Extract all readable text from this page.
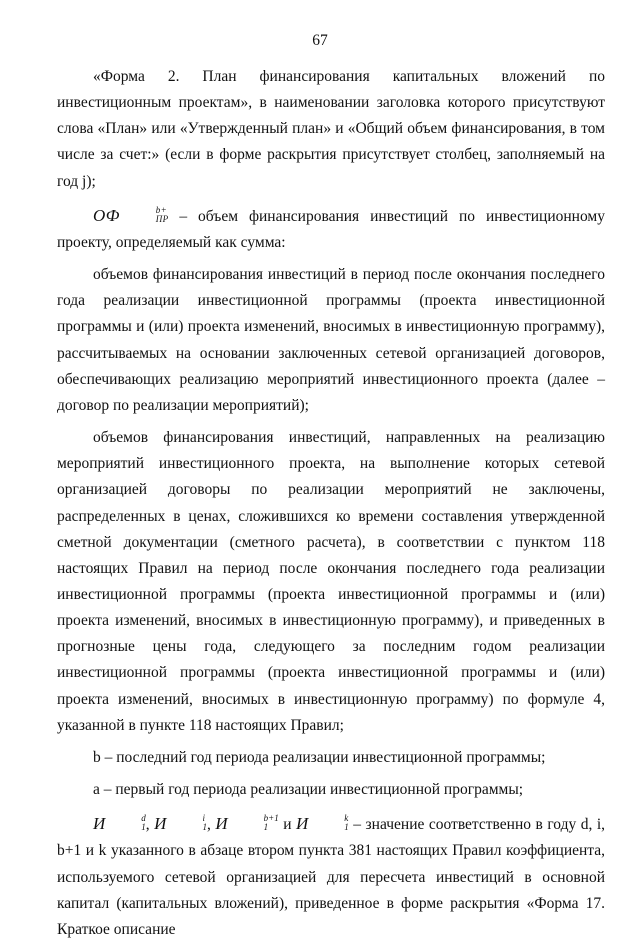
67

«Форма 2. План финансирования капитальных вложений по инвестиционным проектам», в наименовании заголовка которого присутствуют слова «План» или «Утвержденный план» и «Общий объем финансирования, в том числе за счет:» (если в форме раскрытия присутствует столбец, заполняемый на год j);

ОФ	b+
ПР – объем финансирования инвестиций по инвестиционному проекту, определяемый как сумма:

объемов финансирования инвестиций в период после окончания последнего года реализации инвестиционной программы (проекта инвестиционной программы и (или) проекта изменений, вносимых в инвестиционную программу), рассчитываемых на основании заключенных сетевой организацией договоров, обеспечивающих реализацию мероприятий инвестиционного проекта (далее – договор по реализации мероприятий);

объемов финансирования инвестиций, направленных на реализацию мероприятий инвестиционного проекта, на выполнение которых сетевой организацией договоры по реализации мероприятий не заключены, распределенных в ценах, сложившихся ко времени составления утвержденной сметной документации (сметного расчета), в соответствии с пунктом 118 настоящих Правил на период после окончания последнего года реализации инвестиционной программы (проекта инвестиционной программы и (или) проекта изменений, вносимых в инвестиционную программу), и приведенных в прогнозные цены года, следующего за последним годом реализации инвестиционной программы (проекта инвестиционной программы и (или) проекта изменений, вносимых в инвестиционную программу) по формуле 4, указанной в пункте 118 настоящих Правил;

b – последний год периода реализации инвестиционной программы;

а – первый год периода реализации инвестиционной программы;

И	d
1 , И	i
1 , И	b+1
1 и И	k
1 – значение соответственно в году d, i, b+1 и k указанного в абзаце втором пункта 381 настоящих Правил коэффициента, используемого сетевой организацией для пересчета инвестиций в основной капитал (капитальных вложений), приведенное в форме раскрытия «Форма 17. Краткое описание
